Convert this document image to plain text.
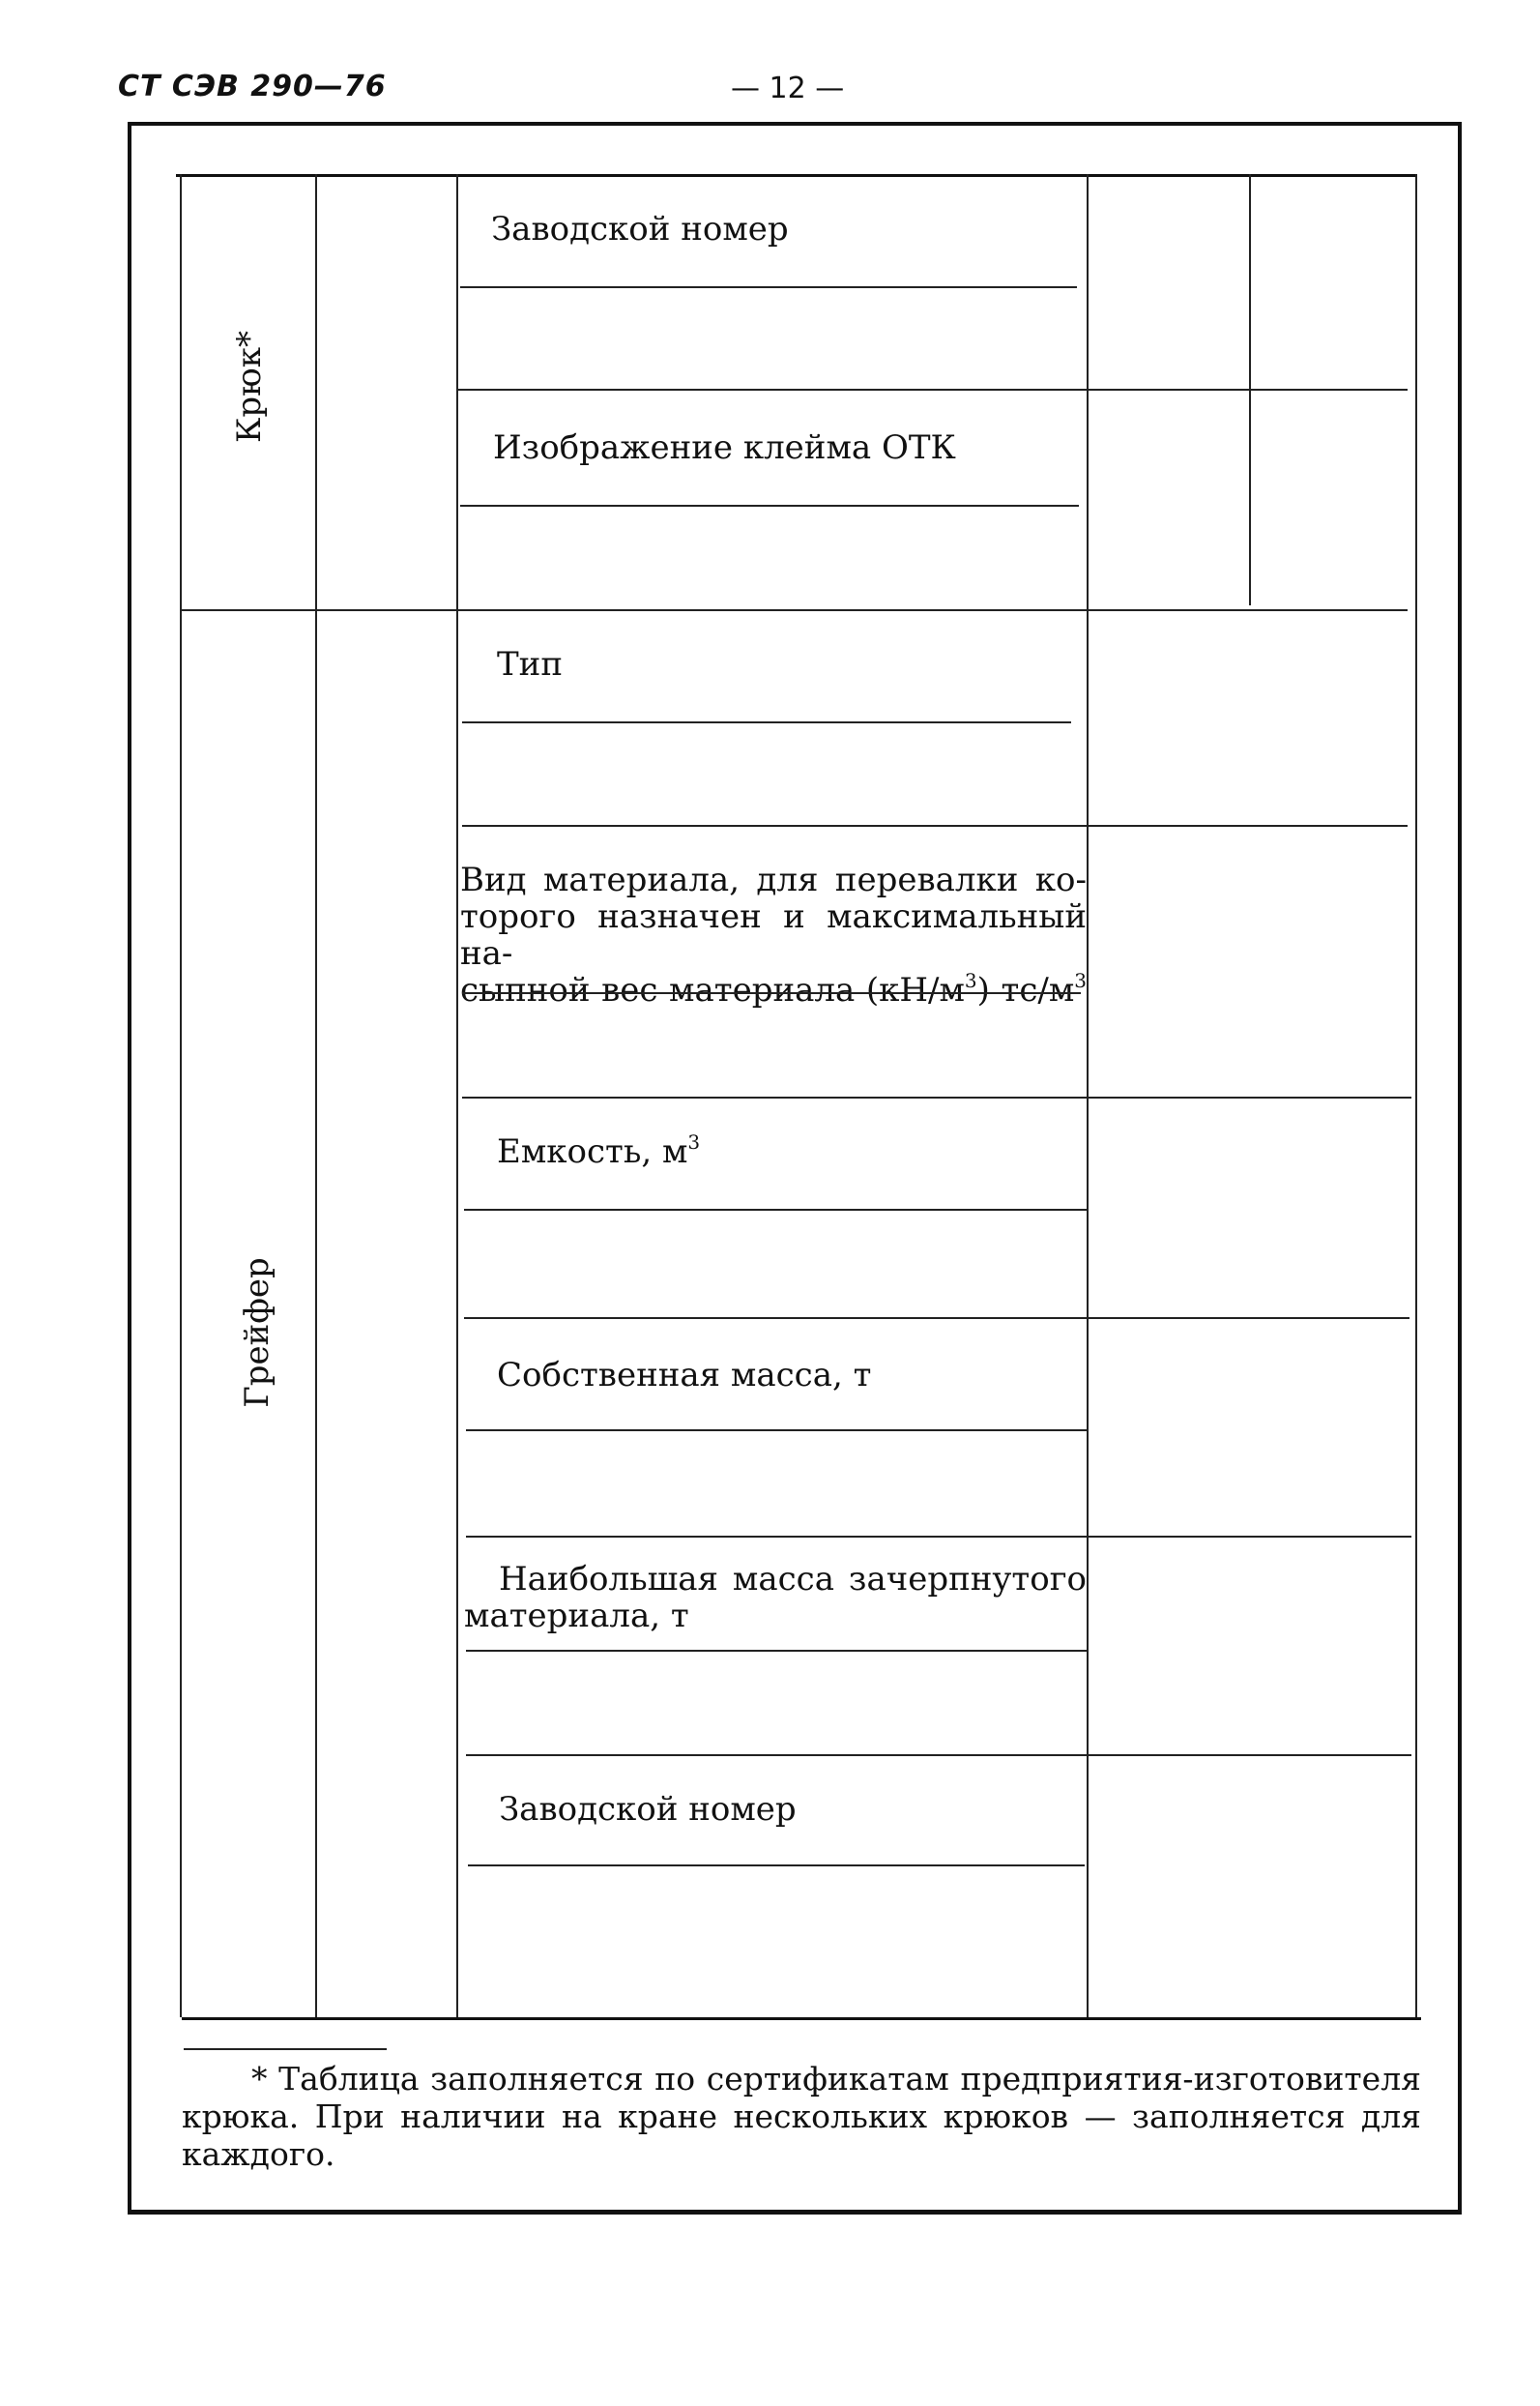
СТ СЭВ 290—76	— 12 —
Крюк*
Заводской номер
Изображение клейма ОТК
Грейфер
Тип
Вид материала, для перевалки ко-
торого назначен и максимальный на-
сыпной вес материала $(кН/м^3)$ $тс/м^3$
Емкость, $м^3$
Собственная масса, т
Наибольшая масса зачерпнутого
материала, т
Заводской номер
* Таблица заполняется по сертификатам предприятия-изготовителя
крюка. При наличии на кране нескольких крюков — заполняется для
каждого.
